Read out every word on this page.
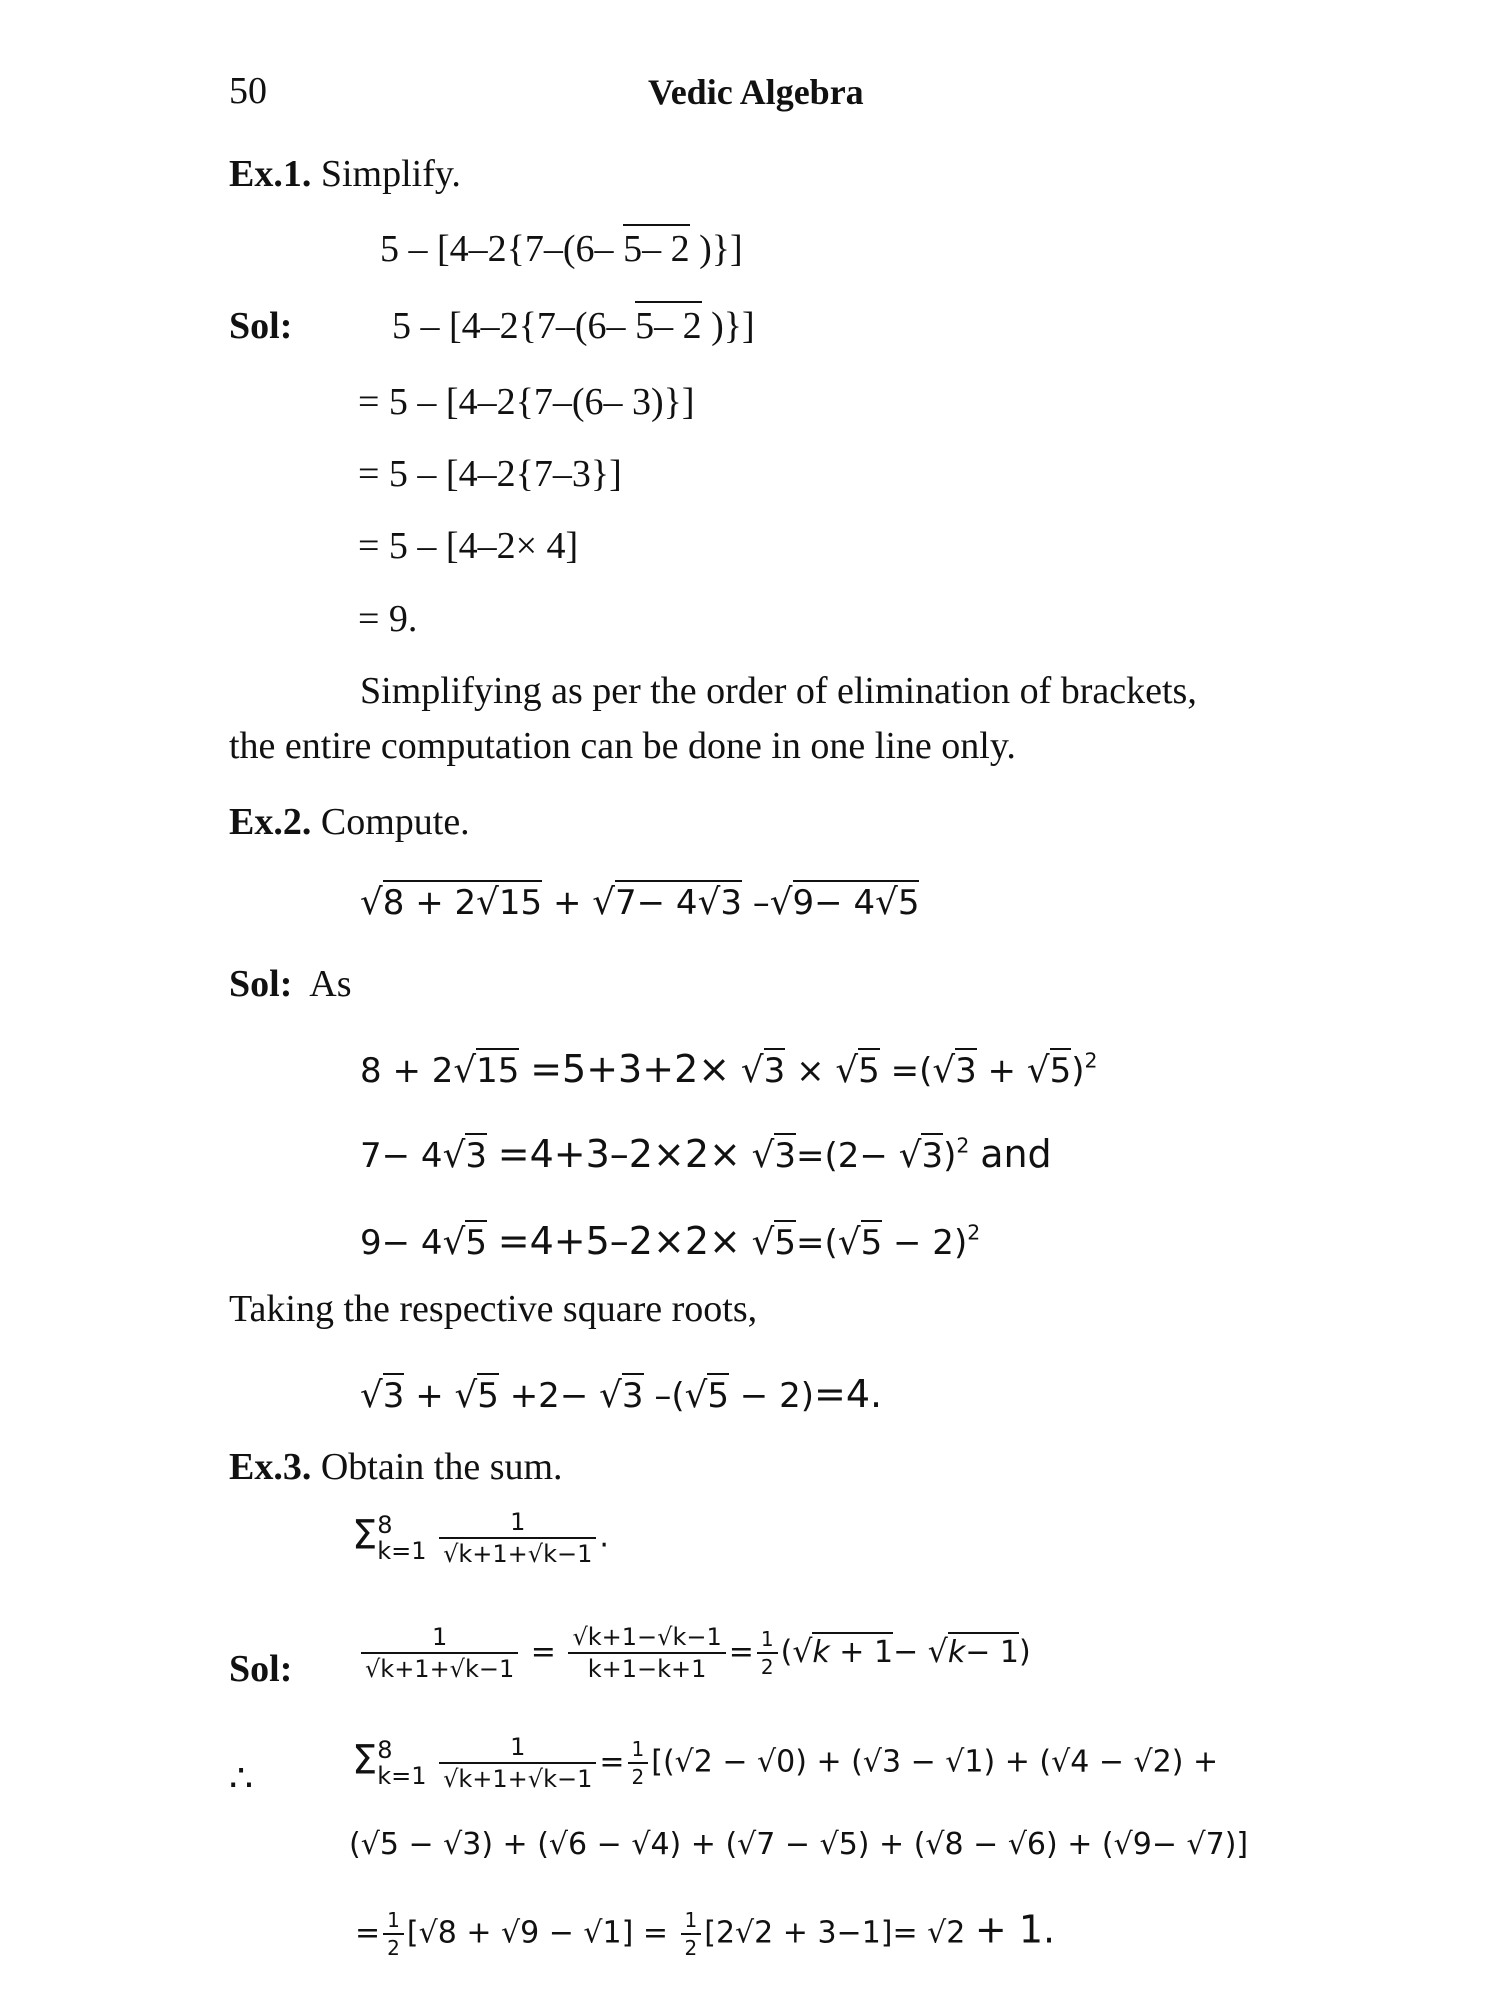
50	Vedic Algebra
Ex.1. Simplify.
5 – [4–2{7–(6– 5– 2 )}]
Sol:	5 – [4–2{7–(6– 5– 2 )}]
= 5 – [4–2{7–(6– 3)}]
= 5 – [4–2{7–3}]
= 5 – [4–2× 4]
= 9.
Simplifying as per the order of elimination of brackets,
the entire computation can be done in one line only.
Ex.2. Compute.
√8 + 2√15 + √7− 4√3 –√9− 4√5
Sol: As
$8 + 2√15 =5+3+2\times √3 \times √5 =(√3 + √5)^2$
$7- 4√3 =4+3-2\times 2\times √3=(2- √3)^2$ and
$9- 4√5 =4+5-2\times 2\times √5=(√5 - 2)^2$
Taking the respective square roots,
√3 + √5 +2− √3 –(√5 − 2)=4.
Ex.3. Obtain the sum.
Σ8
$k=1 \frac{1}{√k+1+√k-1}$ .
Sol:	$\frac{1}{√k+1+√k-1} = \frac{√k+1-√k-1}{k+1-k+1} = \frac{1}{2} (√k + 1- √k- 1)$
∴ Σ8
$k=1 \frac{1}{√k+1+√k-1} = \frac{1}{2} [(√2 - √0) + (√3 - √1) + (√4 - √2)$ +
(√5 − √3) + (√6 − √4) + (√7 − √5) + (√8 − √6) + (√9− √7)]
= $\frac{1}{2} [√8 + √9 - √1] = \frac{1}{2} [2√2 + 3-1]= √2 + 1$.
